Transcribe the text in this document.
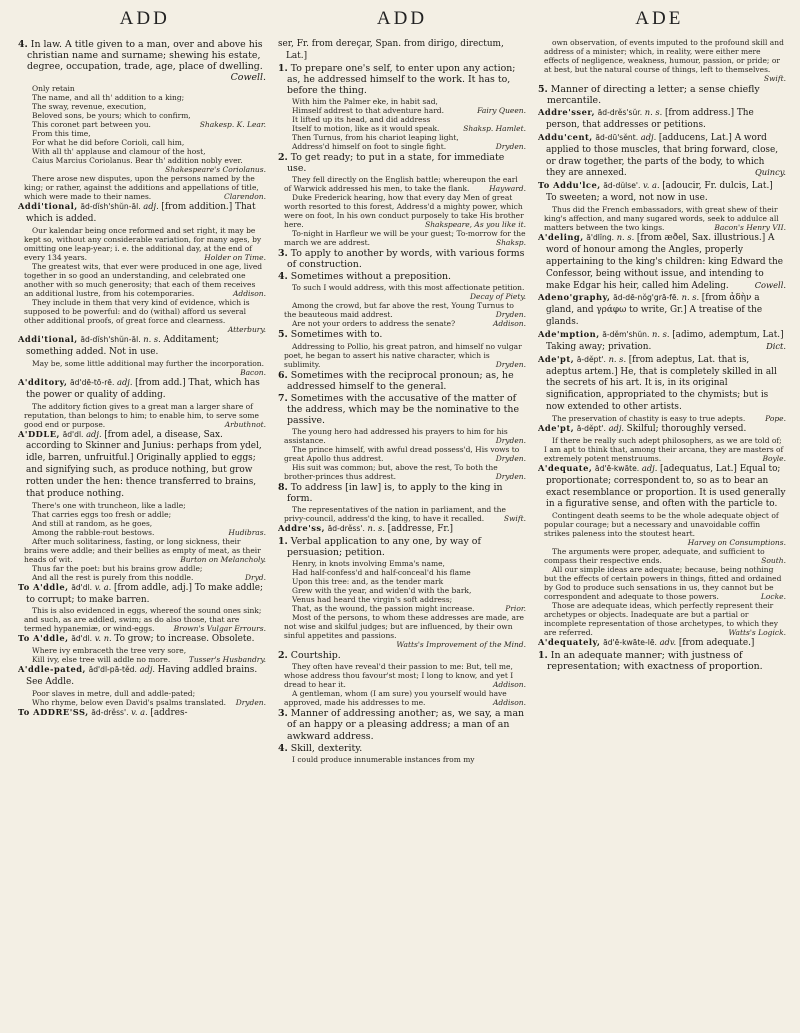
ADD	ADD	ADE

4. In law. A title given to a man, over and above his christian name and surname; shewing his estate, degree, occupation, trade, age, place of dwelling.
Cowell.

Only retain

The name, and all th' addition to a king;

The sway, revenue, execution,

Beloved sons, be yours; which to confirm,

This coronet part between you.	Shakesp. K. Lear.

From this time,

For what he did before Corioli, call him,

With all th' applause and clamour of the host,

Caius Marcius Coriolanus. Bear th' addition nobly ever.
Shakespeare's Coriolanus.

There arose new disputes, upon the persons named by the king; or rather, against the additions and appellations of title, which were made to their names.	Clarendon.

Addi'tional, ăd-dĭsh'shŭn-ăl. adj. [from addition.] That which is added.

Our kalendar being once reformed and set right, it may be kept so, without any considerable variation, for many ages, by omitting one leap-year; i. e. the additional day, at the end of every 134 years.	Holder on Time.

The greatest wits, that ever were produced in one age, lived together in so good an understanding, and celebrated one another with so much generosity; that each of them receives an additional lustre, from his cotemporaries.	Addison.

They include in them that very kind of evidence, which is supposed to be powerful: and do (withal) afford us several other additional proofs, of great force and clearness.
Atterbury.

Addi'tional, ăd-dĭsh'shŭn-ăl. n. s. Additament; something added. Not in use.

May be, some little additional may further the incorporation.
Bacon.

A'dditory, ăd'dē-tō-rē. adj. [from add.] That, which has the power or quality of adding.

The additory fiction gives to a great man a larger share of reputation, than belongs to him; to enable him, to serve some good end or purpose.	Arbuthnot.

A'DDLE, ăd'dl. adj. [from adel, a disease, Sax. according to Skinner and Junius: perhaps from ydel, idle, barren, unfruitful.] Originally applied to eggs; and signifying such, as produce nothing, but grow rotten under the hen: thence transferred to brains, that produce nothing.

There's one with truncheon, like a ladle;

That carries eggs too fresh or addle;

And still at random, as he goes,

Among the rabble-rout bestows.	Hudibras.

After much solitariness, fasting, or long sickness, their brains were addle; and their bellies as empty of meat, as their heads of wit.	Burton on Melancholy.

Thus far the poet: but his brains grow addle;

And all the rest is purely from this noddle.	Dryd.

To A'ddle, ăd'dl. v. a. [from addle, adj.] To make addle; to corrupt; to make barren.

This is also evidenced in eggs, whereof the sound ones sink; and such, as are addled, swim; as do also those, that are termed hypanemiæ, or wind-eggs.	Brown's Vulgar Errours.

To A'ddle, ăd'dl. v. n. To grow; to increase. Obsolete.

Where ivy embraceth the tree very sore,

Kill ivy, else tree will addle no more.	Tusser's Husbandry.

A'ddle-pated, ăd'dl-pā-tĕd. adj. Having addled brains. See Addle.

Poor slaves in metre, dull and addle-pated;

Who rhyme, below even David's psalms translated.	Dryden.

To ADDRE'SS, ăd-drĕss'. v. a. [addres-

ser, Fr. from dereçar, Span. from dirigo, directum, Lat.]

1. To prepare one's self, to enter upon any action; as, he addressed himself to the work. It has to, before the thing.

With him the Palmer eke, in habit sad,

Himself addrest to that adventure hard.	Fairy Queen.

It lifted up its head, and did address

Itself to motion, like as it would speak.	Shaksp. Hamlet.

Then Turnus, from his chariot leaping light,

Address'd himself on foot to single fight.	Dryden.

2. To get ready; to put in a state, for immediate use.

They fell directly on the English battle; whereupon the earl of Warwick addressed his men, to take the flank.	Hayward.

Duke Frederick hearing, how that every day Men of great worth resorted to this forest, Address'd a mighty power, which were on foot, In his own conduct purposely to take His brother here.	Shakspeare, As you like it.

To-night in Harfleur we will be your guest; To-morrow for the march we are addrest.	Shaksp.

3. To apply to another by words, with various forms of construction.

4. Sometimes without a preposition.

To such I would address, with this most affectionate petition.
Decay of Piety.

Among the crowd, but far above the rest, Young Turnus to the beauteous maid addrest.	Dryden.

Are not your orders to address the senate?	Addison.

5. Sometimes with to.

Addressing to Pollio, his great patron, and himself no vulgar poet, he began to assert his native character, which is sublimity.	Dryden.

6. Sometimes with the reciprocal pronoun; as, he addressed himself to the general.

7. Sometimes with the accusative of the matter of the address, which may be the nominative to the passive.

The young hero had addressed his prayers to him for his assistance.	Dryden.

The prince himself, with awful dread possess'd, His vows to great Apollo thus addrest.	Dryden.

His suit was common; but, above the rest, To both the brother-princes thus addrest.	Dryden.

8. To address [in law] is, to apply to the king in form.

The representatives of the nation in parliament, and the privy-council, address'd the king, to have it recalled.	Swift.

Addre'ss, ăd-drĕss'. n. s. [addresse, Fr.]

1. Verbal application to any one, by way of persuasion; petition.

Henry, in knots involving Emma's name,

Had half-confess'd and half-conceal'd his flame

Upon this tree: and, as the tender mark

Grew with the year, and widen'd with the bark,

Venus had heard the virgin's soft address;

That, as the wound, the passion might increase.	Prior.

Most of the persons, to whom these addresses are made, are not wise and skilful judges; but are influenced, by their own sinful appetites and passions.
Watts's Improvement of the Mind.

2. Courtship.

They often have reveal'd their passion to me: But, tell me, whose address thou favour'st most; I long to know, and yet I dread to hear it.	Addison.

A gentleman, whom (I am sure) you yourself would have approved, made his addresses to me.	Addison.

3. Manner of addressing another; as, we say, a man of an happy or a pleasing address; a man of an awkward address.

4. Skill, dexterity.

I could produce innumerable instances from my

own observation, of events imputed to the profound skill and address of a minister; which, in reality, were either mere effects of negligence, weakness, humour, passion, or pride; or at best, but the natural course of things, left to themselves.
Swift.

5. Manner of directing a letter; a sense chiefly mercantile.

Addre'sser, ăd-drĕs'sŭr. n. s. [from address.] The person, that addresses or petitions.

Addu'cent, ăd-dū'sĕnt. adj. [adducens, Lat.] A word applied to those muscles, that bring forward, close, or draw together, the parts of the body, to which they are annexed.	Quincy.

To Addu'lce, ăd-dŭlse'. v. a. [adoucir, Fr. dulcis, Lat.] To sweeten; a word, not now in use.

Thus did the French embassadors, with great shew of their king's affection, and many sugared words, seek to addulce all matters between the two kings.	Bacon's Henry VII.

A'deling, ă'dlĭng. n. s. [from æðel, Sax. illustrious.] A word of honour among the Angles, properly appertaining to the king's children: king Edward the Confessor, being without issue, and intending to make Edgar his heir, called him Adeling.	Cowell.

Adeno'graphy, ăd-dē-nŏg'gră-fē. n. s. [from ἀδὴν a gland, and γράφω to write, Gr.] A treatise of the glands.

Ade'mption, ă-dĕm'shŭn. n. s. [adimo, ademptum, Lat.] Taking away; privation.	Dict.

Ade'pt, ă-dĕpt'. n. s. [from adeptus, Lat. that is, adeptus artem.] He, that is completely skilled in all the secrets of his art. It is, in its original signification, appropriated to the chymists; but is now extended to other artists.

The preservation of chastity is easy to true adepts.	Pope.

Ade'pt, ă-dĕpt'. adj. Skilful; thoroughly versed.

If there be really such adept philosophers, as we are told of; I am apt to think that, among their arcana, they are masters of extremely potent menstruums.	Boyle.

A'dequate, ăd'ē-kwāte. adj. [adequatus, Lat.] Equal to; proportionate; correspondent to, so as to bear an exact resemblance or proportion. It is used generally in a figurative sense, and often with the particle to.

Contingent death seems to be the whole adequate object of popular courage; but a necessary and unavoidable coffin strikes paleness into the stoutest heart.
Harvey on Consumptions.

The arguments were proper, adequate, and sufficient to compass their respective ends.	South.

All our simple ideas are adequate; because, being nothing but the effects of certain powers in things, fitted and ordained by God to produce such sensations in us, they cannot but be correspondent and adequate to those powers.	Locke.

Those are adequate ideas, which perfectly represent their archetypes or objects. Inadequate are but a partial or incomplete representation of those archetypes, to which they are referred.	Watts's Logick.

A'dequately, ăd'ē-kwāte-lē. adv. [from adequate.]

1. In an adequate manner; with justness of representation; with exactness of proportion.
